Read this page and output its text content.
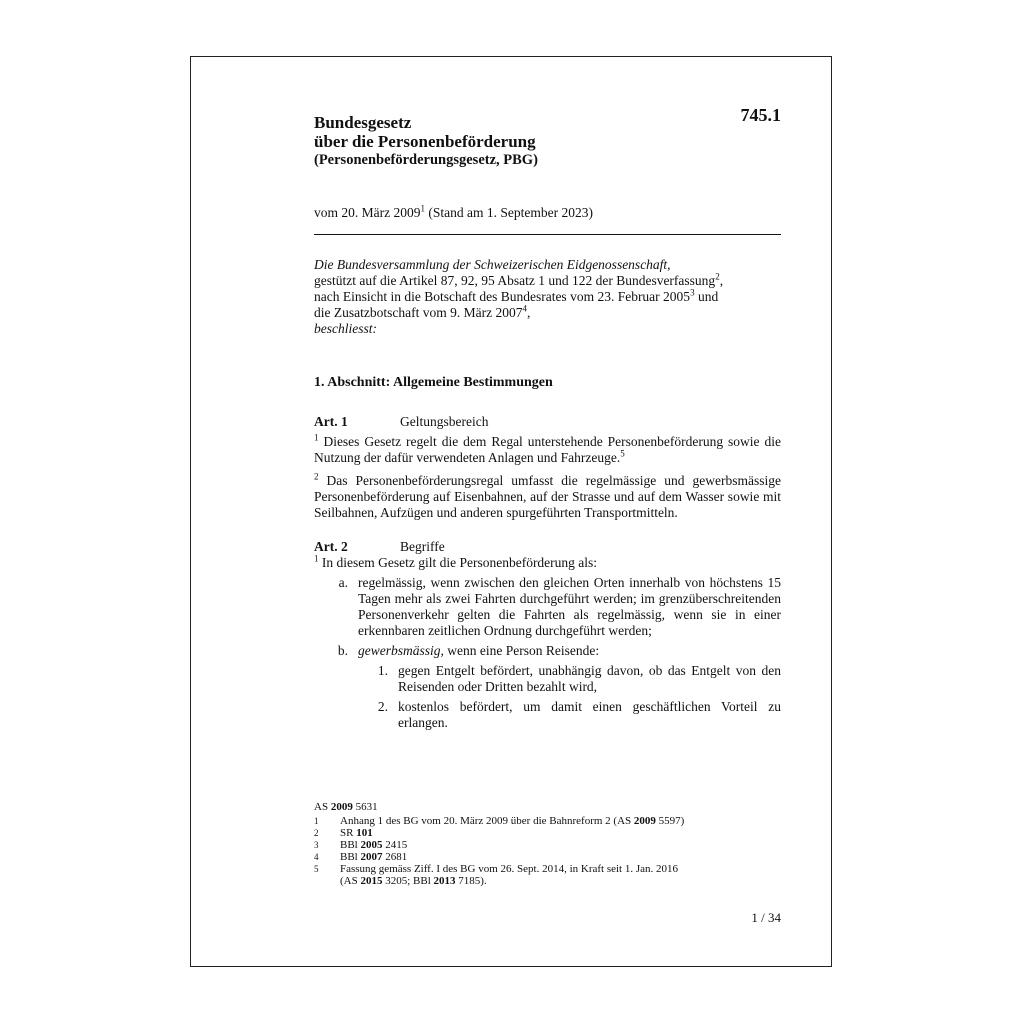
Bundesgesetz
über die Personenbeförderung
(Personenbeförderungsgesetz, PBG)
745.1
vom 20. März 2009$^1$ (Stand am 1. September 2023)
Die Bundesversammlung der Schweizerischen Eidgenossenschaft,
gestützt auf die Artikel 87, 92, 95 Absatz 1 und 122 der Bundesverfassung$^2$,
nach Einsicht in die Botschaft des Bundesrates vom 23. Februar 2005$^3$ und
die Zusatzbotschaft vom 9. März 2007$^4$,
beschliesst:
1. Abschnitt: Allgemeine Bestimmungen
Art. 1	Geltungsbereich
$^1$ Dieses Gesetz regelt die dem Regal unterstehende Personenbeförderung sowie die Nutzung der dafür verwendeten Anlagen und Fahrzeuge.$^5$
$^2$ Das Personenbeförderungsregal umfasst die regelmässige und gewerbsmässige Personenbeförderung auf Eisenbahnen, auf der Strasse und auf dem Wasser sowie mit Seilbahnen, Aufzügen und anderen spurgeführten Transportmitteln.
Art. 2	Begriffe
$^1$ In diesem Gesetz gilt die Personenbeförderung als:
a. regelmässig, wenn zwischen den gleichen Orten innerhalb von höchstens 15 Tagen mehr als zwei Fahrten durchgeführt werden; im grenzüberschreitenden Personenverkehr gelten die Fahrten als regelmässig, wenn sie in einer erkennbaren zeitlichen Ordnung durchgeführt werden;
b. gewerbsmässig, wenn eine Person Reisende:
1. gegen Entgelt befördert, unabhängig davon, ob das Entgelt von den Reisenden oder Dritten bezahlt wird,
2. kostenlos befördert, um damit einen geschäftlichen Vorteil zu erlangen.
AS 2009 5631
1	Anhang 1 des BG vom 20. März 2009 über die Bahnreform 2 (AS 2009 5597)
2	SR 101
3	BBl 2005 2415
4	BBl 2007 2681
5	Fassung gemäss Ziff. I des BG vom 26. Sept. 2014, in Kraft seit 1. Jan. 2016
(AS 2015 3205; BBl 2013 7185).
1 / 34
